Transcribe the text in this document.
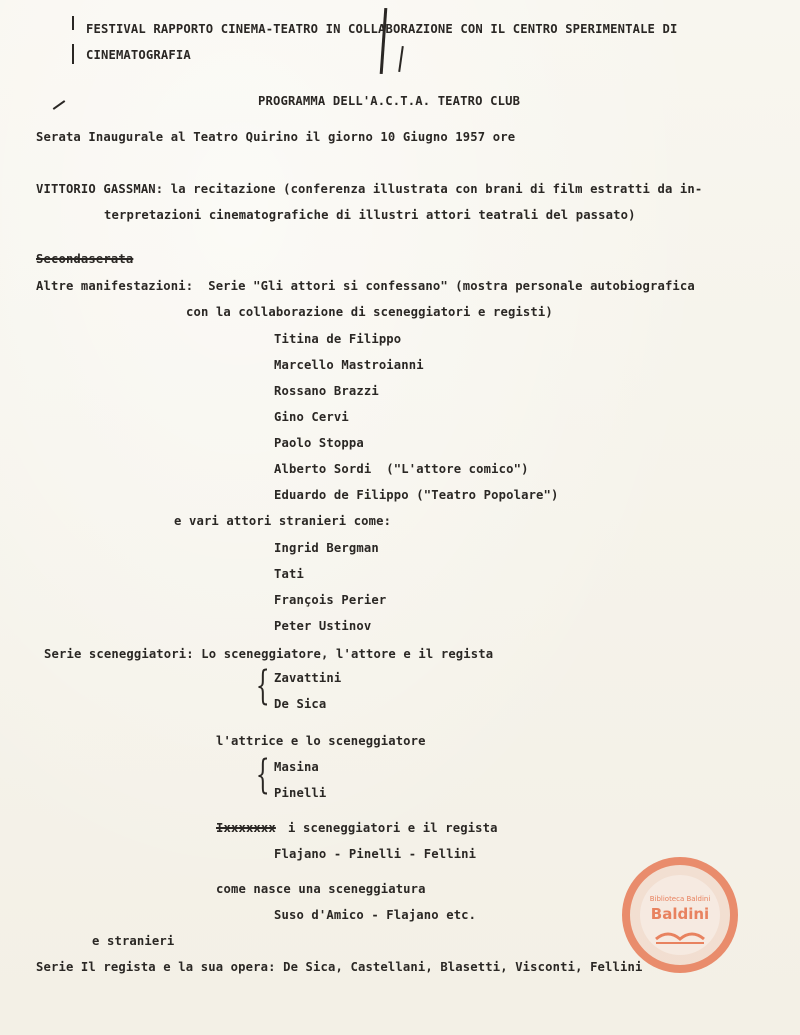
FESTIVAL RAPPORTO CINEMA-TEATRO IN COLLABORAZIONE CON IL CENTRO SPERIMENTALE DI
CINEMATOGRAFIA
PROGRAMMA DELL'A.C.T.A. TEATRO CLUB
Serata Inaugurale al Teatro Quirino il giorno 10 Giugno 1957 ore
VITTORIO GASSMAN: la recitazione (conferenza illustrata con brani di film estratti da in-
terpretazioni cinematografiche di illustri attori teatrali del passato)
Secondaserata
Altre manifestazioni:  Serie "Gli attori si confessano" (mostra personale autobiografica
con la collaborazione di sceneggiatori e registi)
Titina de Filippo
Marcello Mastroianni
Rossano Brazzi
Gino Cervi
Paolo Stoppa
Alberto Sordi  ("L'attore comico")
Eduardo de Filippo ("Teatro Popolare")
e vari attori stranieri come:
Ingrid Bergman
Tati
François Perier
Peter Ustinov
Serie sceneggiatori: Lo sceneggiatore, l'attore e il regista
{ Zavattini
De Sica
l'attrice e lo sceneggiatore
{ Masina
Pinelli
Ixxxxxxx i sceneggiatori e il regista
Flajano - Pinelli - Fellini
come nasce una sceneggiatura
Suso d'Amico - Flajano etc.
e stranieri
Serie Il regista e la sua opera: De Sica, Castellani, Blasetti, Visconti, Fellini
Biblioteca Baldini
Baldini
